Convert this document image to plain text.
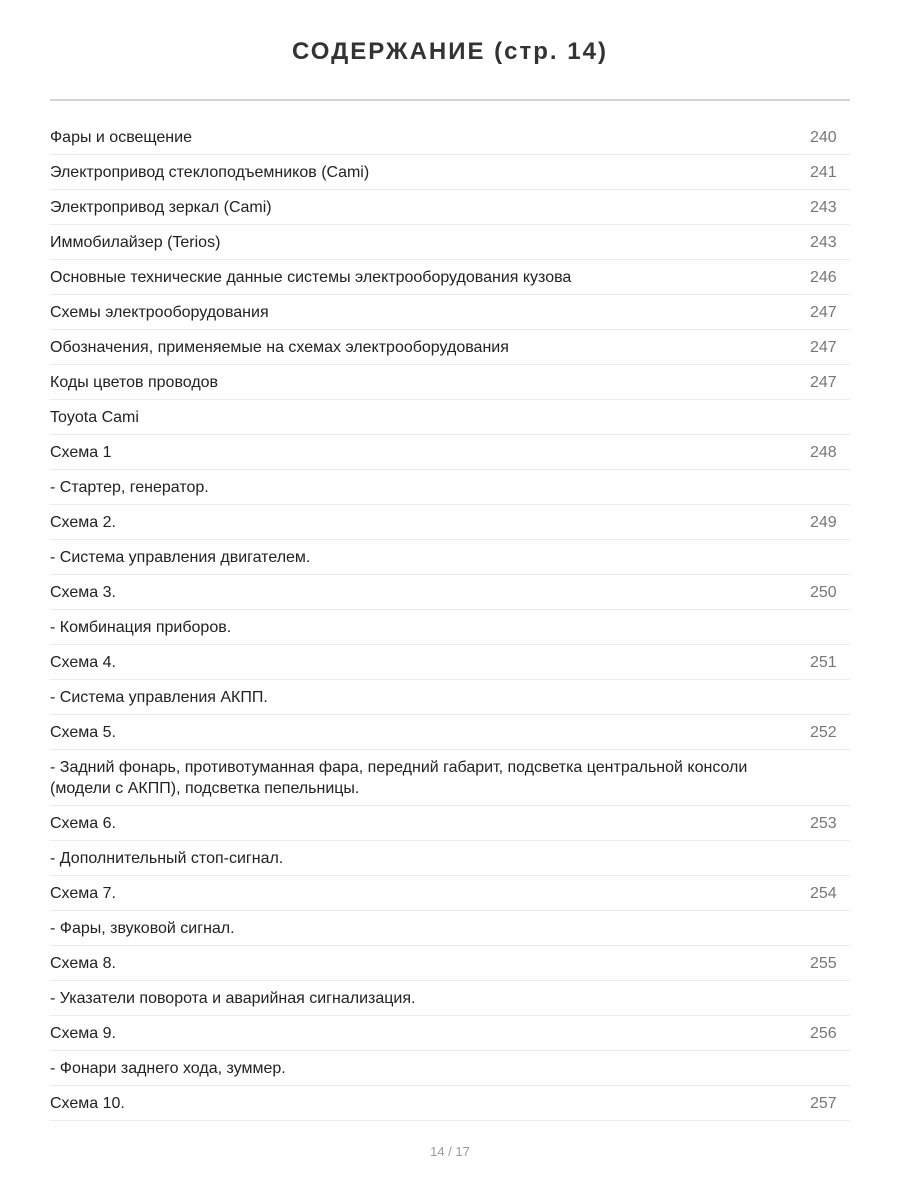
СОДЕРЖАНИЕ (стр. 14)
Фары и освещение	240
Электропривод стеклоподъемников (Cami)	241
Электропривод зеркал (Cami)	243
Иммобилайзер (Terios)	243
Основные технические данные системы электрооборудования кузова	246
Схемы электрооборудования	247
Обозначения, применяемые на схемах электрооборудования	247
Коды цветов проводов	247
Toyota Cami
Схема 1	248
- Стартер, генератор.
Схема 2.	249
- Система управления двигателем.
Схема 3.	250
- Комбинация приборов.
Схема 4.	251
- Система управления АКПП.
Схема 5.	252
- Задний фонарь, противотуманная фара, передний габарит, подсветка центральной консоли (модели с АКПП), подсветка пепельницы.
Схема 6.	253
- Дополнительный стоп-сигнал.
Схема 7.	254
- Фары, звуковой сигнал.
Схема 8.	255
- Указатели поворота и аварийная сигнализация.
Схема 9.	256
- Фонари заднего хода, зуммер.
Схема 10.	257
14 / 17
